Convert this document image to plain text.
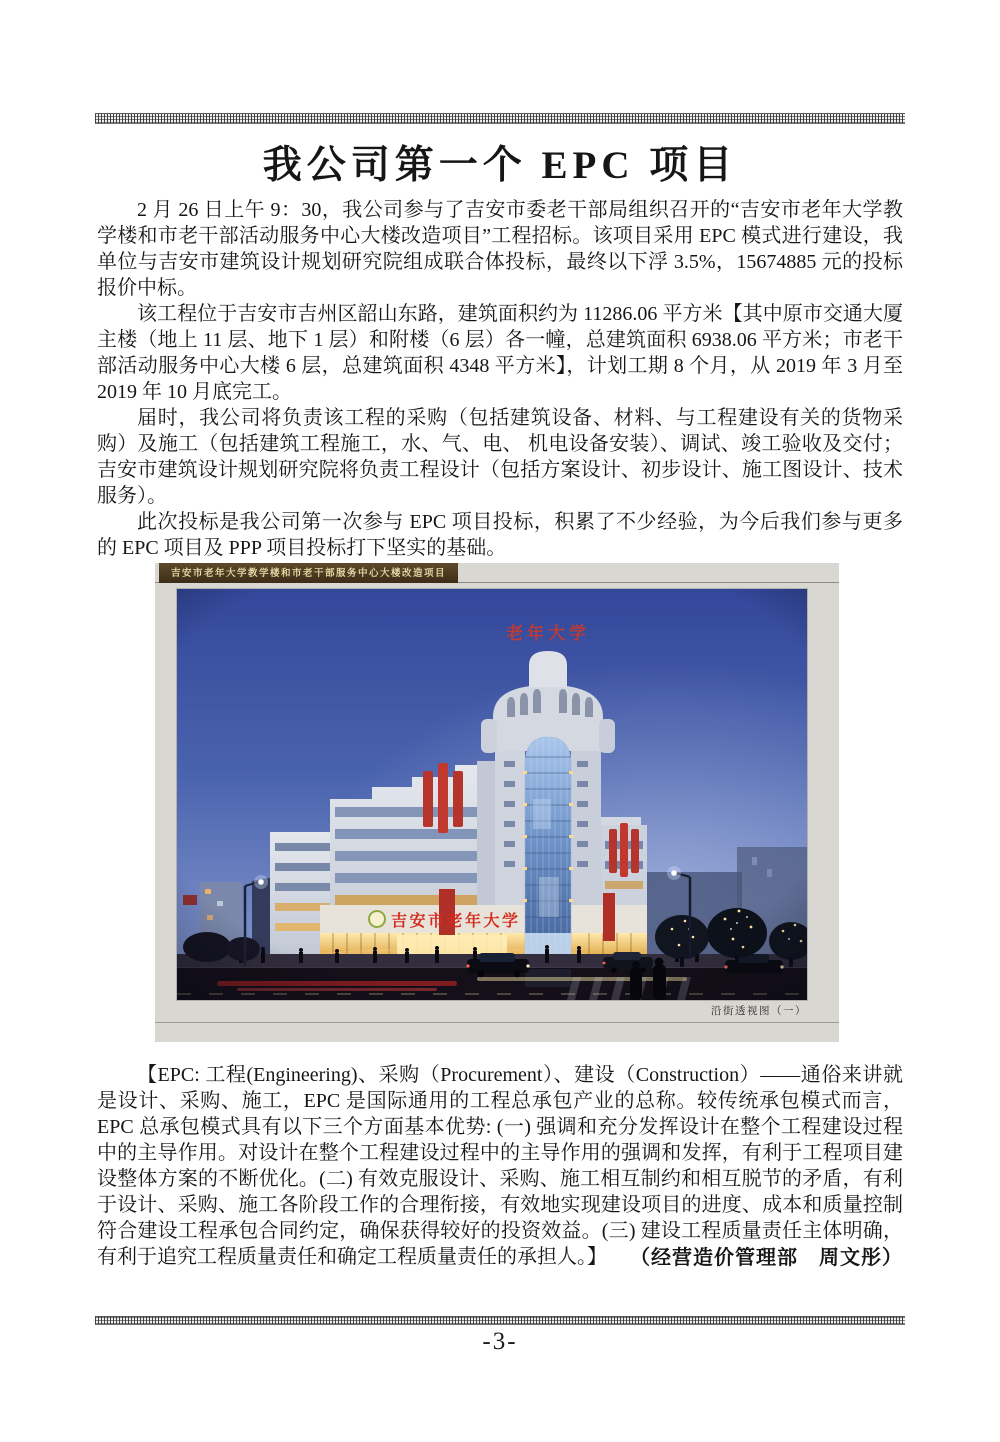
我公司第一个 EPC 项目

2 月 26 日上午 9：30，我公司参与了吉安市委老干部局组织召开的“吉安市老年大学教学楼和市老干部活动服务中心大楼改造项目”工程招标。该项目采用 EPC 模式进行建设，我单位与吉安市建筑设计规划研究院组成联合体投标，最终以下浮 3.5%，15674885 元的投标报价中标。

该工程位于吉安市吉州区韶山东路，建筑面积约为 11286.06 平方米【其中原市交通大厦主楼（地上 11 层、地下 1 层）和附楼（6 层）各一幢，总建筑面积 6938.06 平方米；市老干部活动服务中心大楼 6 层，总建筑面积 4348 平方米】，计划工期 8 个月，从 2019 年 3 月至 2019 年 10 月底完工。

届时，我公司将负责该工程的采购（包括建筑设备、材料、与工程建设有关的货物采购）及施工（包括建筑工程施工，水、气、电、 机电设备安装）、调试、竣工验收及交付；吉安市建筑设计规划研究院将负责工程设计（包括方案设计、初步设计、施工图设计、技术服务）。

此次投标是我公司第一次参与 EPC 项目投标，积累了不少经验，为今后我们参与更多的 EPC 项目及 PPP 项目投标打下坚实的基础。

吉安市老年大学教学楼和市老干部服务中心大楼改造项目
沿街透视图（一）

【EPC: 工程(Engineering)、采购（Procurement）、建设（Construction）——通俗来讲就是设计、采购、施工，EPC 是国际通用的工程总承包产业的总称。较传统承包模式而言，EPC 总承包模式具有以下三个方面基本优势: (一) 强调和充分发挥设计在整个工程建设过程中的主导作用。对设计在整个工程建设过程中的主导作用的强调和发挥，有利于工程项目建设整体方案的不断优化。(二) 有效克服设计、采购、施工相互制约和相互脱节的矛盾，有利于设计、采购、施工各阶段工作的合理衔接，有效地实现建设项目的进度、成本和质量控制符合建设工程承包合同约定，确保获得较好的投资效益。(三) 建设工程质量责任主体明确，有利于追究工程质量责任和确定工程质量责任的承担人。】 （经营造价管理部　周文彤）

-3-
